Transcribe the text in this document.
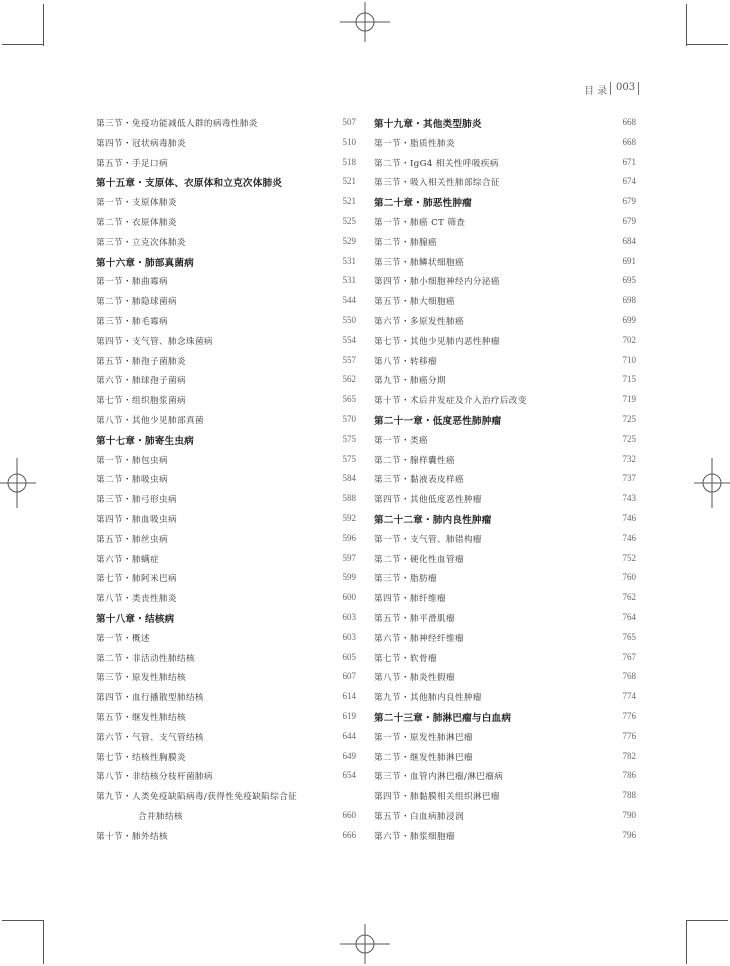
目 录 003
第三节・免疫功能减低人群的病毒性肺炎	507
第四节・冠状病毒肺炎	510
第五节・手足口病	518
第十五章・支原体、衣原体和立克次体肺炎	521
第一节・支原体肺炎	521
第二节・衣原体肺炎	525
第三节・立克次体肺炎	529
第十六章・肺部真菌病	531
第一节・肺曲霉病	531
第二节・肺隐球菌病	544
第三节・肺毛霉病	550
第四节・支气管、肺念珠菌病	554
第五节・肺孢子菌肺炎	557
第六节・肺球孢子菌病	562
第七节・组织胞浆菌病	565
第八节・其他少见肺部真菌	570
第十七章・肺寄生虫病	575
第一节・肺包虫病	575
第二节・肺吸虫病	584
第三节・肺弓形虫病	588
第四节・肺血吸虫病	592
第五节・肺丝虫病	596
第六节・肺螨症	597
第七节・肺阿米巴病	599
第八节・类丧性肺炎	600
第十八章・结核病	603
第一节・概述	603
第二节・非活动性肺结核	605
第三节・原发性肺结核	607
第四节・血行播散型肺结核	614
第五节・继发性肺结核	619
第六节・气管、支气管结核	644
第七节・结核性胸膜炎	649
第八节・非结核分枝杆菌肺病	654
第九节・人类免疫缺陷病毒/获得性免疫缺陷综合征
合并肺结核	660
第十节・肺外结核	666
第十九章・其他类型肺炎	668
第一节・脂质性肺炎	668
第二节・IgG4 相关性呼吸疾病	671
第三节・吸入相关性肺部综合征	674
第二十章・肺恶性肿瘤	679
第一节・肺癌 CT 筛查	679
第二节・肺腺癌	684
第三节・肺鳞状细胞癌	691
第四节・肺小细胞神经内分泌癌	695
第五节・肺大细胞癌	698
第六节・多原发性肺癌	699
第七节・其他少见肺内恶性肿瘤	702
第八节・转移瘤	710
第九节・肺癌分期	715
第十节・术后并发症及介入治疗后改变	719
第二十一章・低度恶性肺肿瘤	725
第一节・类癌	725
第二节・腺样囊性癌	732
第三节・黏液表皮样癌	737
第四节・其他低度恶性肿瘤	743
第二十二章・肺内良性肿瘤	746
第一节・支气管、肺错构瘤	746
第二节・硬化性血管瘤	752
第三节・脂肪瘤	760
第四节・肺纤维瘤	762
第五节・肺平滑肌瘤	764
第六节・肺神经纤维瘤	765
第七节・软骨瘤	767
第八节・肺炎性假瘤	768
第九节・其他肺内良性肿瘤	774
第二十三章・肺淋巴瘤与白血病	776
第一节・原发性肺淋巴瘤	776
第二节・继发性肺淋巴瘤	782
第三节・血管内淋巴瘤/淋巴瘤病	786
第四节・肺黏膜相关组织淋巴瘤	788
第五节・白血病肺浸润	790
第六节・肺浆细胞瘤	796
